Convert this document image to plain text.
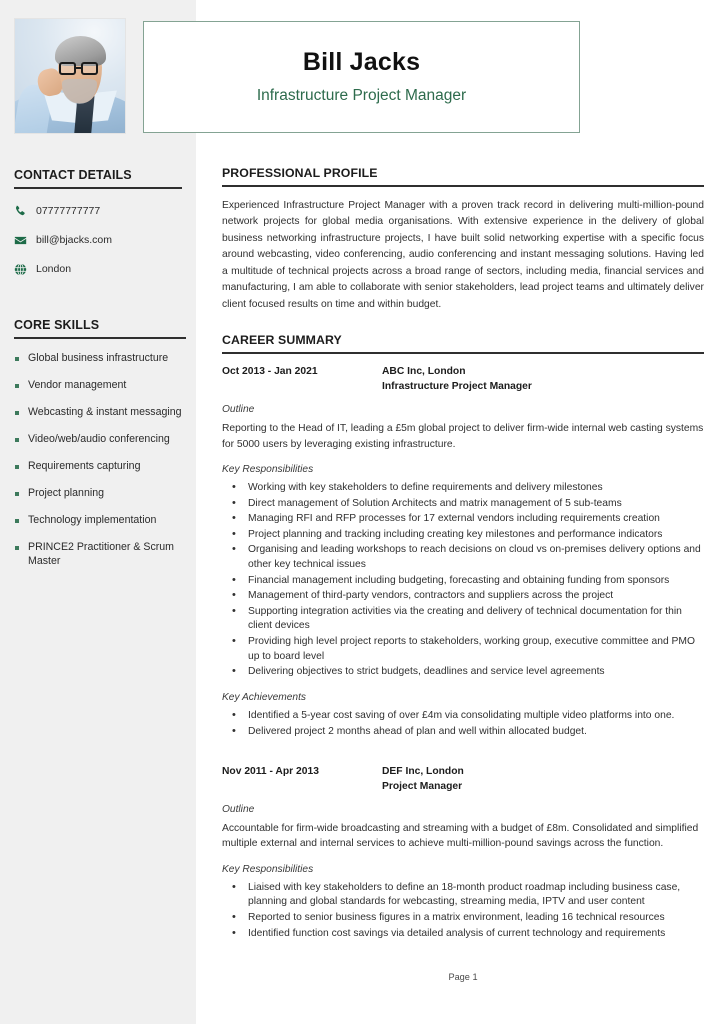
CONTACT DETAILS
07777777777
bill@bjacks.com
London
CORE SKILLS
Global business infrastructure
Vendor management
Webcasting & instant messaging
Video/web/audio conferencing
Requirements capturing
Project planning
Technology implementation
PRINCE2 Practitioner & Scrum Master
Bill Jacks

Infrastructure Project Manager

PROFESSIONAL PROFILE

Experienced Infrastructure Project Manager with a proven track record in delivering multi-million-pound network projects for global media organisations. With extensive experience in the delivery of global business networking infrastructure projects, I have built solid networking expertise with a specific focus around webcasting, video conferencing, audio conferencing and instant messaging solutions. Having led a multitude of technical projects across a broad range of sectors, including media, financial services and manufacturing, I am able to collaborate with senior stakeholders, lead project teams and ultimately deliver client focused results on time and within budget.

CAREER SUMMARY
Oct 2013 - Jan 2021	ABC Inc, London
Infrastructure Project Manager

Outline

Reporting to the Head of IT, leading a £5m global project to deliver firm-wide internal web casting systems for 5000 users by leveraging existing infrastructure.

Key Responsibilities

• Working with key stakeholders to define requirements and delivery milestones
• Direct management of Solution Architects and matrix management of 5 sub-teams
• Managing RFI and RFP processes for 17 external vendors including requirements creation
• Project planning and tracking including creating key milestones and performance indicators
• Organising and leading workshops to reach decisions on cloud vs on-premises delivery options and other key technical issues
• Financial management including budgeting, forecasting and obtaining funding from sponsors
• Management of third-party vendors, contractors and suppliers across the project
• Supporting integration activities via the creating and delivery of technical documentation for thin client devices
• Providing high level project reports to stakeholders, working group, executive committee and PMO up to board level
• Delivering objectives to strict budgets, deadlines and service level agreements

Key Achievements

• Identified a 5-year cost saving of over £4m via consolidating multiple video platforms into one.
• Delivered project 2 months ahead of plan and well within allocated budget.
Nov 2011 - Apr 2013	DEF Inc, London
Project Manager

Outline

Accountable for firm-wide broadcasting and streaming with a budget of £8m. Consolidated and simplified multiple external and internal services to achieve multi-million-pound savings across the function.

Key Responsibilities

• Liaised with key stakeholders to define an 18-month product roadmap including business case, planning and global standards for webcasting, streaming media, IPTV and user content
• Reported to senior business figures in a matrix environment, leading 16 technical resources
• Identified function cost savings via detailed analysis of current technology and requirements
Page 1
